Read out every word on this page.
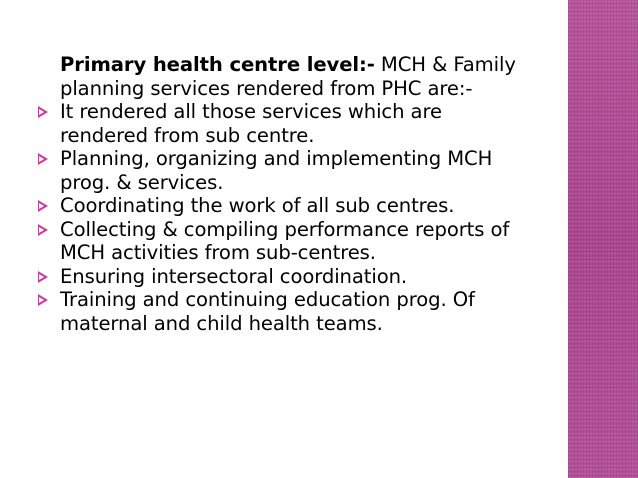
Primary health centre level:- MCH & Family
planning services rendered from PHC are:-
It rendered all those services which are
rendered from sub centre.
Planning, organizing and implementing MCH
prog. & services.
Coordinating the work of all sub centres.
Collecting & compiling performance reports of
MCH activities from sub-centres.
Ensuring intersectoral coordination.
Training and continuing education prog. Of
maternal and child health teams.
